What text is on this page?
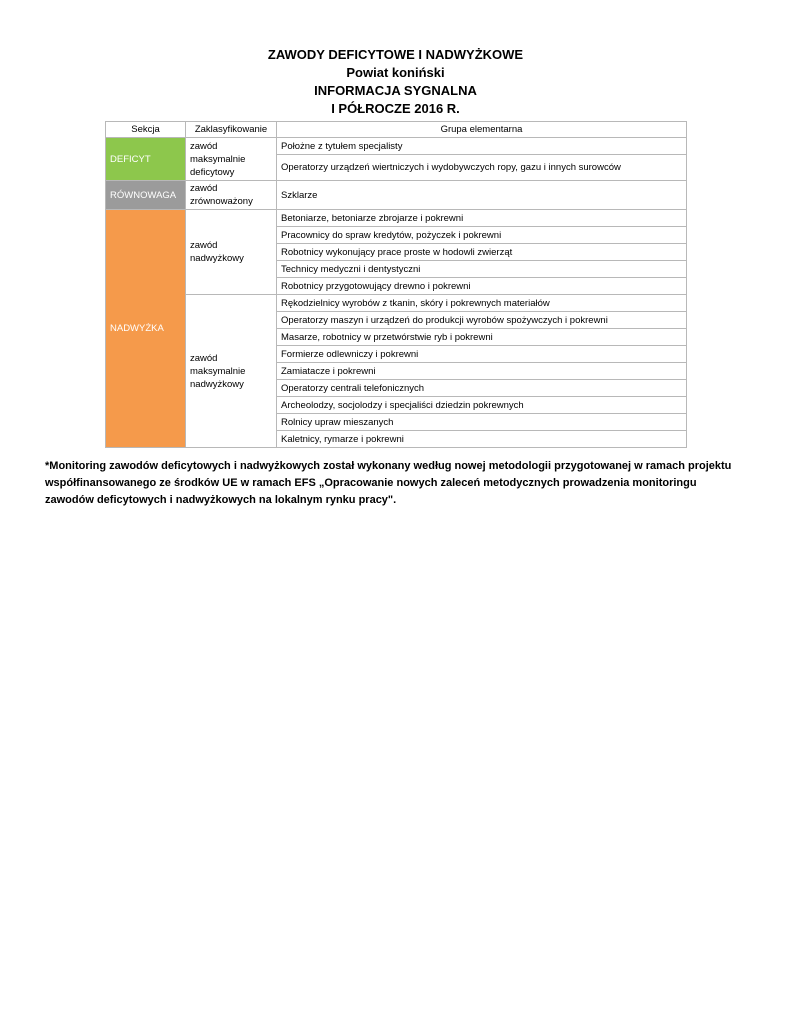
ZAWODY DEFICYTOWE I NADWYŻKOWE
Powiat koniński
INFORMACJA SYGNALNA
I PÓŁROCZE 2016 R.
Sekcja	Zaklasyfikowanie	Grupa elementarna
DEFICYT	zawód maksymalnie deficytowy	Położne z tytułem specjalisty
		Operatorzy urządzeń wiertniczych i wydobywczych ropy, gazu i innych surowców
RÓWNOWAGA	zawód zrównoważony	Szklarze
NADWYŻKA	zawód nadwyżkowy	Betoniarze, betoniarze zbrojarze i pokrewni
		Pracownicy do spraw kredytów, pożyczek i pokrewni
		Robotnicy wykonujący prace proste w hodowli zwierząt
		Technicy medyczni i dentystyczni
		Robotnicy przygotowujący drewno i pokrewni
	zawód maksymalnie nadwyżkowy	Rękodzielnicy wyrobów z tkanin, skóry i pokrewnych materiałów
		Operatorzy maszyn i urządzeń do produkcji wyrobów spożywczych i pokrewni
		Masarze, robotnicy w przetwórstwie ryb i pokrewni
		Formierze odlewniczy i pokrewni
		Zamiatacze i pokrewni
		Operatorzy centrali telefonicznych
		Archeolodzy, socjolodzy i specjaliści dziedzin pokrewnych
		Rolnicy upraw mieszanych
		Kaletnicy, rymarze i pokrewni
*Monitoring zawodów deficytowych i nadwyżkowych został wykonany według nowej metodologii przygotowanej w ramach projektu współfinansowanego ze środków UE w ramach EFS „Opracowanie nowych zaleceń metodycznych prowadzenia monitoringu zawodów deficytowych i nadwyżkowych na lokalnym rynku pracy".
